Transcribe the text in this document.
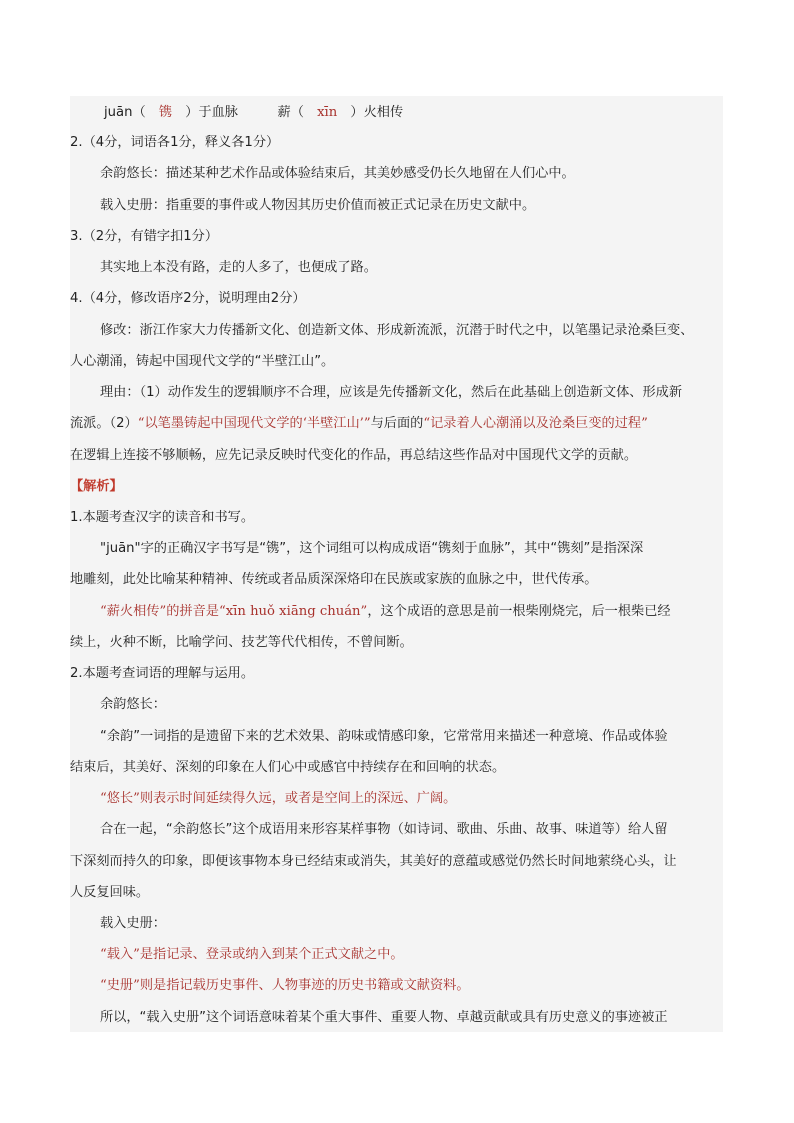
juān（　镌　）于血脉　　　薪（　xīn　）火相传
2.（4分，词语各1分，释义各1分）
余韵悠长：描述某种艺术作品或体验结束后，其美妙感受仍长久地留在人们心中。
载入史册：指重要的事件或人物因其历史价值而被正式记录在历史文献中。
3.（2分，有错字扣1分）
其实地上本没有路，走的人多了，也便成了路。
4.（4分，修改语序2分，说明理由2分）
修改：浙江作家大力传播新文化、创造新文体、形成新流派，沉潜于时代之中，以笔墨记录沧桑巨变、
人心潮涌，铸起中国现代文学的“半壁江山”。
理由：（1）动作发生的逻辑顺序不合理，应该是先传播新文化，然后在此基础上创造新文体、形成新
流派。（2）“以笔墨铸起中国现代文学的‘半壁江山’”与后面的“记录着人心潮涌以及沧桑巨变的过程”
在逻辑上连接不够顺畅，应先记录反映时代变化的作品，再总结这些作品对中国现代文学的贡献。
【解析】
1.本题考查汉字的读音和书写。
"juān"字的正确汉字书写是“镌”，这个词组可以构成成语“镌刻于血脉”，其中“镌刻”是指深深
地雕刻，此处比喻某种精神、传统或者品质深深烙印在民族或家族的血脉之中，世代传承。
“薪火相传”的拼音是“xīn huǒ xiāng chuán”，这个成语的意思是前一根柴刚烧完，后一根柴已经
续上，火种不断，比喻学问、技艺等代代相传，不曾间断。
2.本题考查词语的理解与运用。
余韵悠长：
“余韵”一词指的是遗留下来的艺术效果、韵味或情感印象，它常常用来描述一种意境、作品或体验
结束后，其美好、深刻的印象在人们心中或感官中持续存在和回响的状态。
“悠长”则表示时间延续得久远，或者是空间上的深远、广阔。
合在一起，“余韵悠长”这个成语用来形容某样事物（如诗词、歌曲、乐曲、故事、味道等）给人留
下深刻而持久的印象，即便该事物本身已经结束或消失，其美好的意蕴或感觉仍然长时间地萦绕心头，让
人反复回味。
载入史册：
“载入”是指记录、登录或纳入到某个正式文献之中。
“史册”则是指记载历史事件、人物事迹的历史书籍或文献资料。
所以，“载入史册”这个词语意味着某个重大事件、重要人物、卓越贡献或具有历史意义的事迹被正
